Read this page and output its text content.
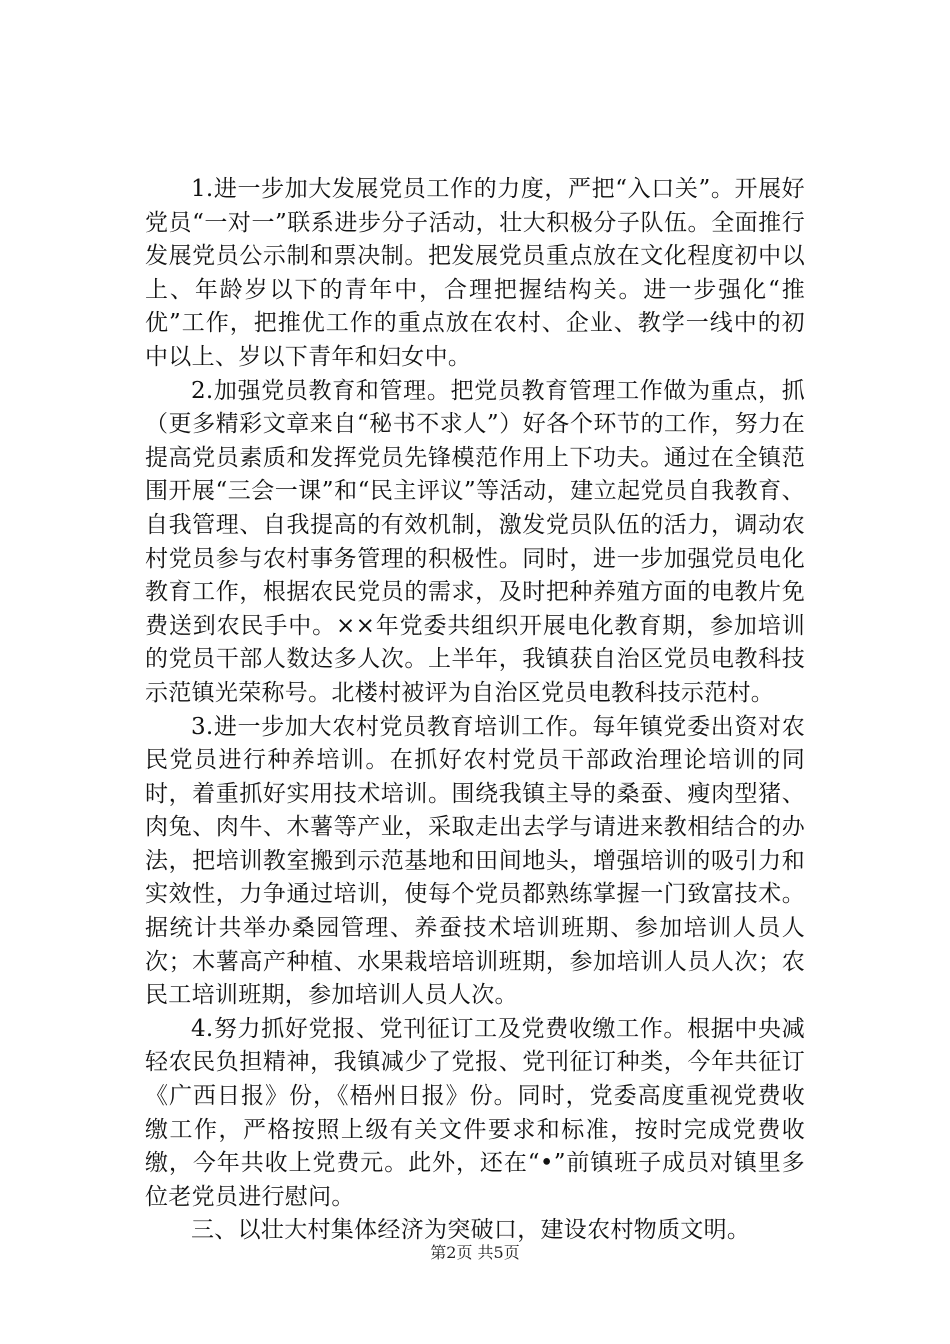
1.进一步加大发展党员工作的力度，严把“入口关”。开展好党员“一对一”联系进步分子活动，壮大积极分子队伍。全面推行发展党员公示制和票决制。把发展党员重点放在文化程度初中以上、年龄岁以下的青年中，合理把握结构关。进一步强化“推优”工作，把推优工作的重点放在农村、企业、教学一线中的初中以上、岁以下青年和妇女中。

2.加强党员教育和管理。把党员教育管理工作做为重点，抓（更多精彩文章来自“秘书不求人”）好各个环节的工作，努力在提高党员素质和发挥党员先锋模范作用上下功夫。通过在全镇范围开展“三会一课”和“民主评议”等活动，建立起党员自我教育、自我管理、自我提高的有效机制，激发党员队伍的活力，调动农村党员参与农村事务管理的积极性。同时，进一步加强党员电化教育工作，根据农民党员的需求，及时把种养殖方面的电教片免费送到农民手中。××年党委共组织开展电化教育期，参加培训的党员干部人数达多人次。上半年，我镇获自治区党员电教科技示范镇光荣称号。北楼村被评为自治区党员电教科技示范村。

3.进一步加大农村党员教育培训工作。每年镇党委出资对农民党员进行种养培训。在抓好农村党员干部政治理论培训的同时，着重抓好实用技术培训。围绕我镇主导的桑蚕、瘦肉型猪、肉兔、肉牛、木薯等产业，采取走出去学与请进来教相结合的办法，把培训教室搬到示范基地和田间地头，增强培训的吸引力和实效性，力争通过培训，使每个党员都熟练掌握一门致富技术。据统计共举办桑园管理、养蚕技术培训班期、参加培训人员人次；木薯高产种植、水果栽培培训班期，参加培训人员人次；农民工培训班期，参加培训人员人次。

4.努力抓好党报、党刊征订工及党费收缴工作。根据中央减轻农民负担精神，我镇减少了党报、党刊征订种类，今年共征订《广西日报》份，《梧州日报》份。同时，党委高度重视党费收缴工作，严格按照上级有关文件要求和标准，按时完成党费收缴，今年共收上党费元。此外，还在“•”前镇班子成员对镇里多位老党员进行慰问。

三、以壮大村集体经济为突破口，建设农村物质文明。

第2页 共5页
